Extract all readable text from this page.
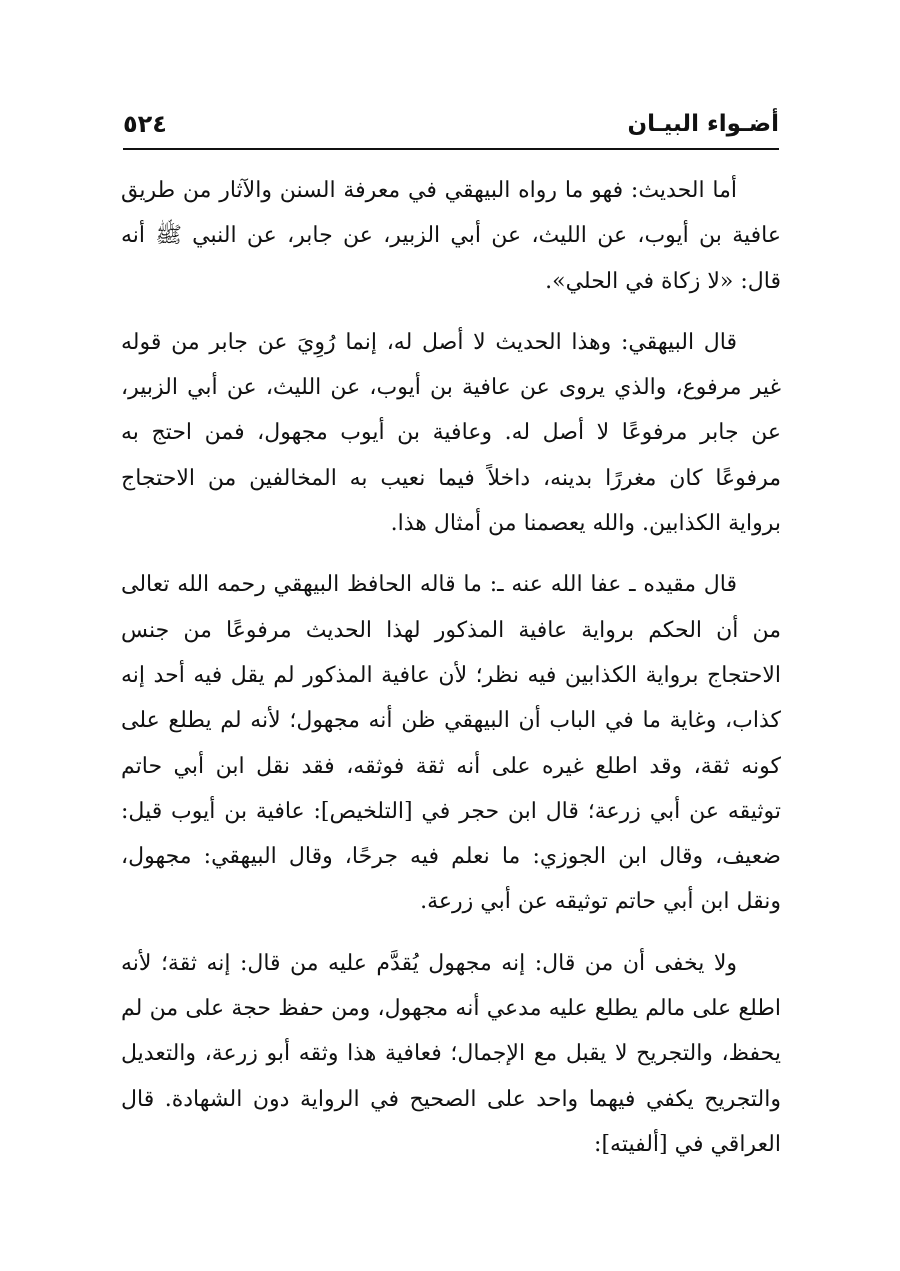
أضـواء البيـان
٥٢٤

أما الحديث: فهو ما رواه البيهقي في معرفة السنن والآثار من طريق عافية بن أيوب، عن الليث، عن أبي الزبير، عن جابر، عن النبي ﷺ أنه قال: «لا زكاة في الحلي».

قال البيهقي: وهذا الحديث لا أصل له، إنما رُوِيَ عن جابر من قوله غير مرفوع، والذي يروى عن عافية بن أيوب، عن الليث، عن أبي الزبير، عن جابر مرفوعًا لا أصل له. وعافية بن أيوب مجهول، فمن احتج به مرفوعًا كان مغررًا بدينه، داخلاً فيما نعيب به المخالفين من الاحتجاج برواية الكذابين. والله يعصمنا من أمثال هذا.

قال مقيده ـ عفا الله عنه ـ: ما قاله الحافظ البيهقي رحمه الله تعالى من أن الحكم برواية عافية المذكور لهذا الحديث مرفوعًا من جنس الاحتجاج برواية الكذابين فيه نظر؛ لأن عافية المذكور لم يقل فيه أحد إنه كذاب، وغاية ما في الباب أن البيهقي ظن أنه مجهول؛ لأنه لم يطلع على كونه ثقة، وقد اطلع غيره على أنه ثقة فوثقه، فقد نقل ابن أبي حاتم توثيقه عن أبي زرعة؛ قال ابن حجر في [التلخيص]: عافية بن أيوب قيل: ضعيف، وقال ابن الجوزي: ما نعلم فيه جرحًا، وقال البيهقي: مجهول، ونقل ابن أبي حاتم توثيقه عن أبي زرعة.

ولا يخفى أن من قال: إنه مجهول يُقدَّم عليه من قال: إنه ثقة؛ لأنه اطلع على مالم يطلع عليه مدعي أنه مجهول، ومن حفظ حجة على من لم يحفظ، والتجريح لا يقبل مع الإجمال؛ فعافية هذا وثقه أبو زرعة، والتعديل والتجريح يكفي فيهما واحد على الصحيح في الرواية دون الشهادة. قال العراقي في [ألفيته]:
